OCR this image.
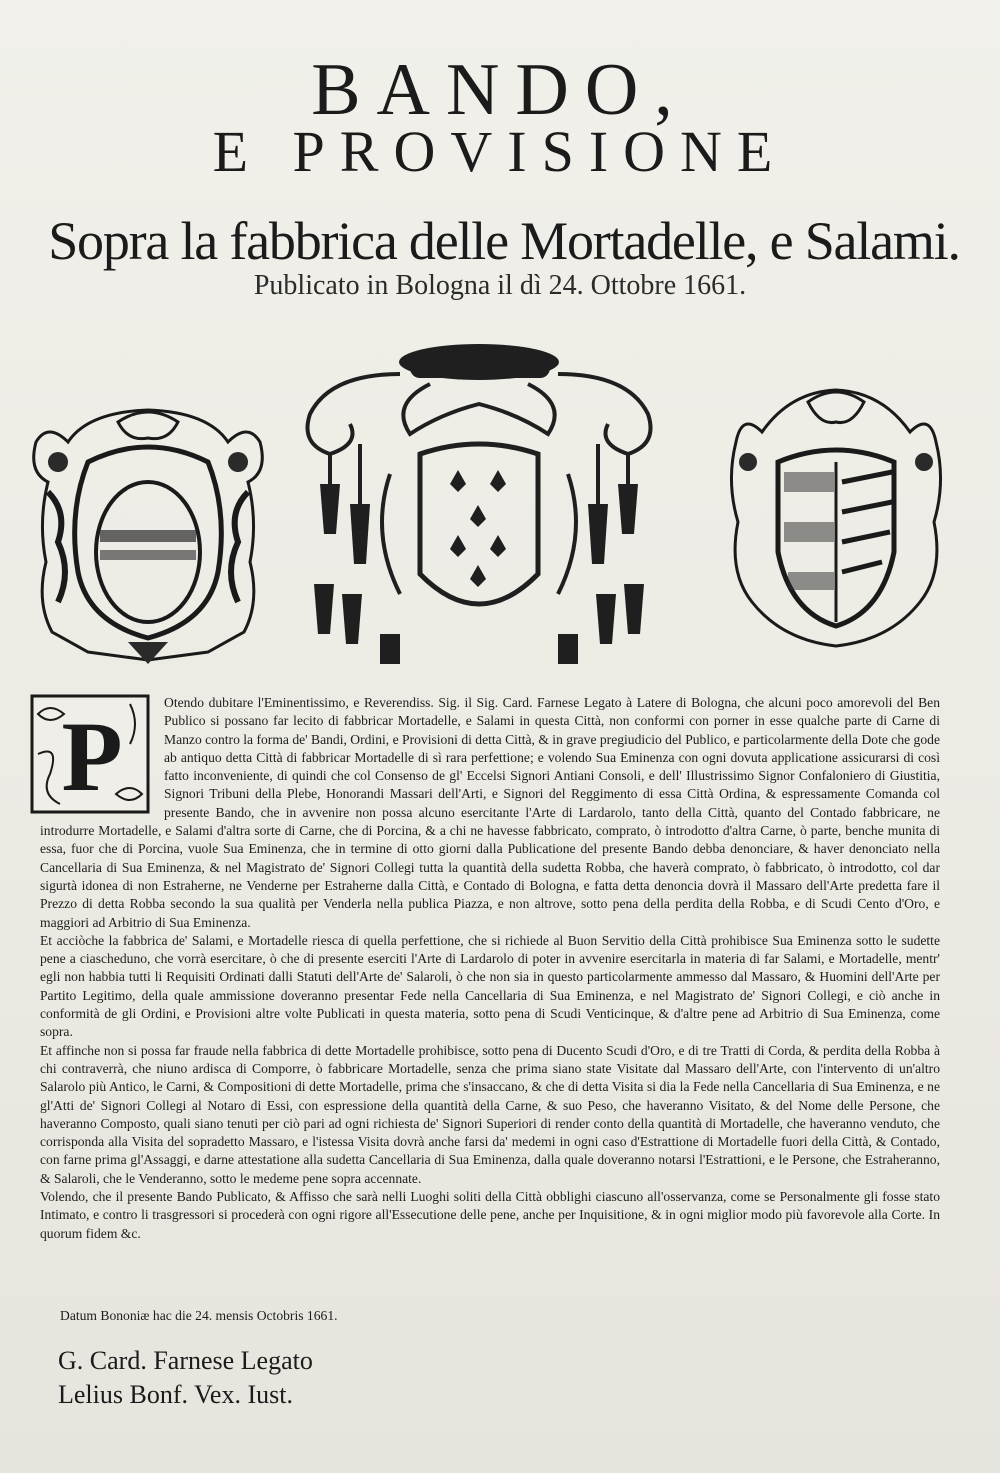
BANDO,
E PROVISIONE
Sopra la fabbrica delle Mortadelle, e Salami.
Publicato in Bologna il dì 24. Ottobre 1661.
P	Otendo dubitare l'Eminentissimo, e Reverendiss. Sig. il Sig. Card. Farnese Legato à Latere di Bologna, che alcuni poco amorevoli del Ben Publico si possano far lecito di fabbricar Mortadelle, e Salami in questa Città, non conformi con porner in esse qualche parte di Carne di Manzo contro la forma de' Bandi, Ordini, e Provisioni di detta Città, & in grave pregiudicio del Publico, e particolarmente della Dote che gode ab antiquo detta Città di fabbricar Mortadelle di sì rara perfettione; e volendo Sua Eminenza con ogni dovuta applicatione assicurarsi di così fatto inconveniente, di quindi che col Consenso de gl' Eccelsi Signori Antiani Consoli, e dell' Illustrissimo Signor Confaloniero di Giustitia, Signori Tribuni della Plebe, Honorandi Massari dell'Arti, e Signori del Reggimento di essa Città Ordina, & espressamente Comanda col presente Bando, che in avvenire non possa alcuno esercitante l'Arte di Lardarolo, tanto della Città, quanto del Contado fabbricare, ne introdurre Mortadelle, e Salami d'altra sorte di Carne, che di Porcina, & a chi ne havesse fabbricato, comprato, ò introdotto d'altra Carne, ò parte, benche munita di essa, fuor che di Porcina, vuole Sua Eminenza, che in termine di otto giorni dalla Publicatione del presente Bando debba denonciare, & haver denonciato nella Cancellaria di Sua Eminenza, & nel Magistrato de' Signori Collegi tutta la quantità della sudetta Robba, che haverà comprato, ò fabbricato, ò introdotto, col dar sigurtà idonea di non Estraherne, ne Venderne per Estraherne dalla Città, e Contado di Bologna, e fatta detta denoncia dovrà il Massaro dell'Arte predetta fare il Prezzo di detta Robba secondo la sua qualità per Venderla nella publica Piazza, e non altrove, sotto pena della perdita della Robba, e di Scudi Cento d'Oro, e maggiori ad Arbitrio di Sua Eminenza.

Et acciòche la fabbrica de' Salami, e Mortadelle riesca di quella perfettione, che si richiede al Buon Servitio della Città prohibisce Sua Eminenza sotto le sudette pene a ciascheduno, che vorrà esercitare, ò che di presente eserciti l'Arte di Lardarolo di poter in avvenire esercitarla in materia di far Salami, e Mortadelle, mentr' egli non habbia tutti li Requisiti Ordinati dalli Statuti dell'Arte de' Salaroli, ò che non sia in questo particolarmente ammesso dal Massaro, & Huomini dell'Arte per Partito Legitimo, della quale ammissione doveranno presentar Fede nella Cancellaria di Sua Eminenza, e nel Magistrato de' Signori Collegi, e ciò anche in conformità de gli Ordini, e Provisioni altre volte Publicati in questa materia, sotto pena di Scudi Venticinque, & d'altre pene ad Arbitrio di Sua Eminenza, come sopra.

Et affinche non si possa far fraude nella fabbrica di dette Mortadelle prohibisce, sotto pena di Ducento Scudi d'Oro, e di tre Tratti di Corda, & perdita della Robba à chi contraverrà, che niuno ardisca di Comporre, ò fabbricare Mortadelle, senza che prima siano state Visitate dal Massaro dell'Arte, con l'intervento di un'altro Salarolo più Antico, le Carni, & Compositioni di dette Mortadelle, prima che s'insaccano, & che di detta Visita si dia la Fede nella Cancellaria di Sua Eminenza, e ne gl'Atti de' Signori Collegi al Notaro di Essi, con espressione della quantità della Carne, & suo Peso, che haveranno Visitato, & del Nome delle Persone, che haveranno Composto, quali siano tenuti per ciò pari ad ogni richiesta de' Signori Superiori di render conto della quantità di Mortadelle, che haveranno venduto, che corrisponda alla Visita del sopradetto Massaro, e l'istessa Visita dovrà anche farsi da' medemi in ogni caso d'Estrattione di Mortadelle fuori della Città, & Contado, con farne prima gl'Assaggi, e darne attestatione alla sudetta Cancellaria di Sua Eminenza, dalla quale doveranno notarsi l'Estrattioni, e le Persone, che Estraheranno, & Salaroli, che le Venderanno, sotto le medeme pene sopra accennate.

Volendo, che il presente Bando Publicato, & Affisso che sarà nelli Luoghi soliti della Città obblighi ciascuno all'osservanza, come se Personalmente gli fosse stato Intimato, e contro li trasgressori si procederà con ogni rigore all'Essecutione delle pene, anche per Inquisitione, & in ogni miglior modo più favorevole alla Corte. In quorum fidem &c.

Datum Bononiæ hac die 24. mensis Octobris 1661.
G. Card. Farnese Legato
Lelius Bonf. Vex. Iust.
